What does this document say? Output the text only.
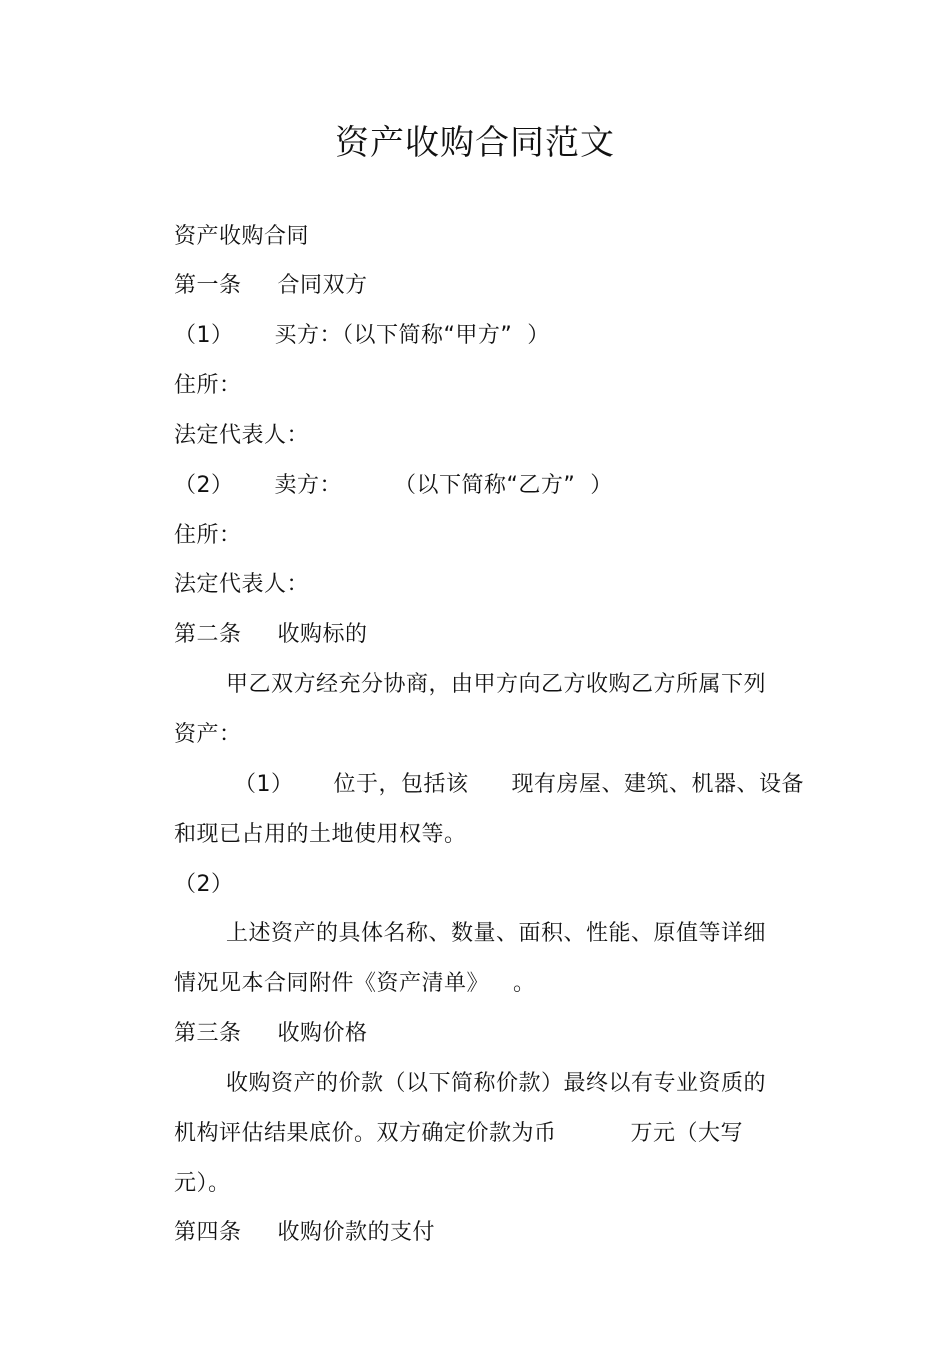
资产收购合同范文

资产收购合同

第一条 合同双方

（1） 买方：（以下简称“甲方”  ）

住所：

法定代表人：

（2） 卖方： （以下简称“乙方”  ）

住所：

法定代表人：

第二条 收购标的

甲乙双方经充分协商，由甲方向乙方收购乙方所属下列

资产：

（1） 位于，包括该 现有房屋、建筑、机器、设备

和现已占用的土地使用权等。

（2）

上述资产的具体名称、数量、面积、性能、原值等详细

情况见本合同附件《资产清单》 。

第三条 收购价格

收购资产的价款（以下简称价款）最终以有专业资质的

机构评估结果底价。双方确定价款为币	万元（大写

元）。

第四条 收购价款的支付
